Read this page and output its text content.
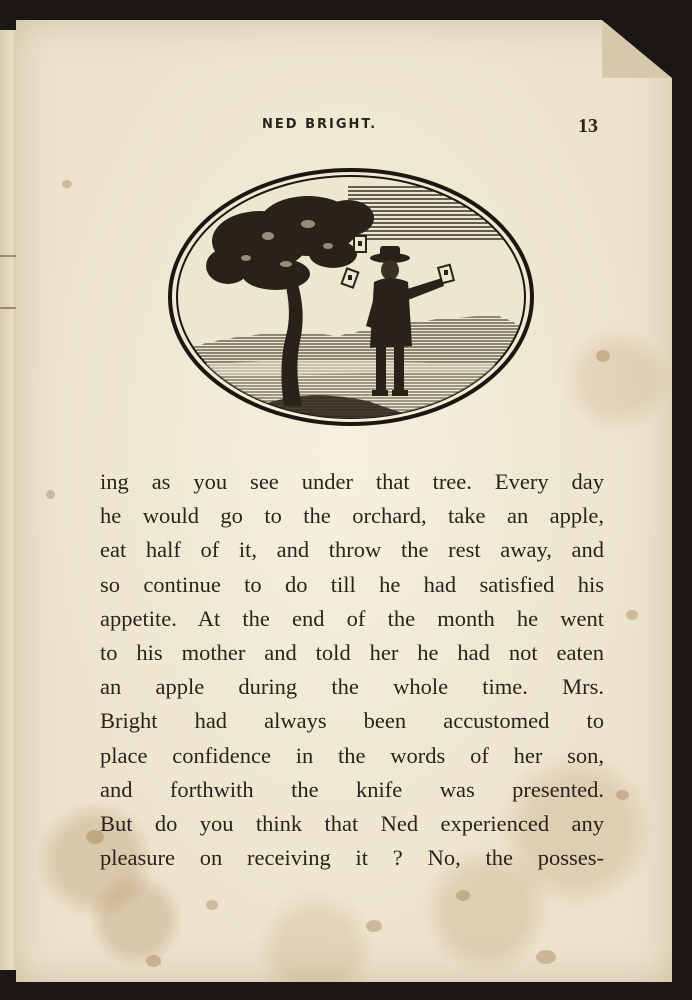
NED BRIGHT.	13
ing as you see under that tree. Every day
he would go to the orchard, take an apple,
eat half of it, and throw the rest away, and
so continue to do till he had satisfied his
appetite. At the end of the month he went
to his mother and told her he had not eaten
an apple during the whole time. Mrs.
Bright had always been accustomed to
place confidence in the words of her son,
and forthwith the knife was presented.
But do you think that Ned experienced any
pleasure on receiving it ? No, the posses-
